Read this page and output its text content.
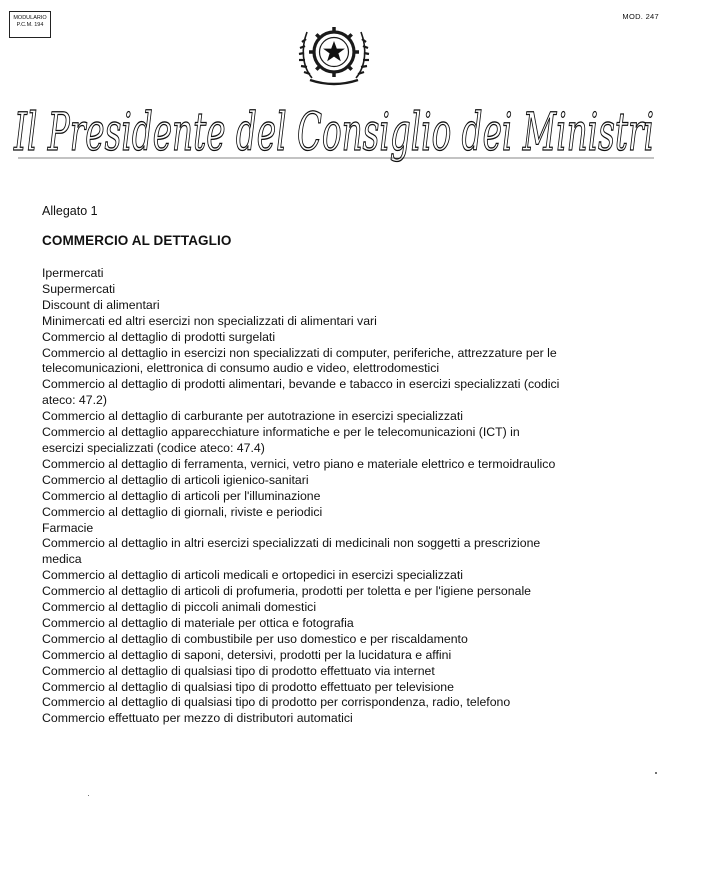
MODULARIO
P.C.M. 194
MOD. 247
Il Presidente del Consiglio dei Ministri
Allegato 1
COMMERCIO AL DETTAGLIO
Ipermercati
Supermercati
Discount di alimentari
Minimercati ed altri esercizi non specializzati di alimentari vari
Commercio al dettaglio di prodotti surgelati
Commercio al dettaglio in esercizi non specializzati di computer, periferiche, attrezzature per le
telecomunicazioni, elettronica di consumo audio e video, elettrodomestici
Commercio al dettaglio di prodotti alimentari, bevande e tabacco in esercizi specializzati (codici
ateco: 47.2)
Commercio al dettaglio di carburante per autotrazione in esercizi specializzati
Commercio al dettaglio apparecchiature informatiche e per le telecomunicazioni (ICT) in
esercizi specializzati (codice ateco: 47.4)
Commercio al dettaglio di ferramenta, vernici, vetro piano e materiale elettrico e termoidraulico
Commercio al dettaglio di articoli igienico-sanitari
Commercio al dettaglio di articoli per l'illuminazione
Commercio al dettaglio di giornali, riviste e periodici
Farmacie
Commercio al dettaglio in altri esercizi specializzati di medicinali non soggetti a prescrizione
medica
Commercio al dettaglio di articoli medicali e ortopedici in esercizi specializzati
Commercio al dettaglio di articoli di profumeria, prodotti per toletta e per l'igiene personale
Commercio al dettaglio di piccoli animali domestici
Commercio al dettaglio di materiale per ottica e fotografia
Commercio al dettaglio di combustibile per uso domestico e per riscaldamento
Commercio al dettaglio di saponi, detersivi, prodotti per la lucidatura e affini
Commercio al dettaglio di qualsiasi tipo di prodotto effettuato via internet
Commercio al dettaglio di qualsiasi tipo di prodotto effettuato per televisione
Commercio al dettaglio di qualsiasi tipo di prodotto per corrispondenza, radio, telefono
Commercio effettuato per mezzo di distributori automatici
